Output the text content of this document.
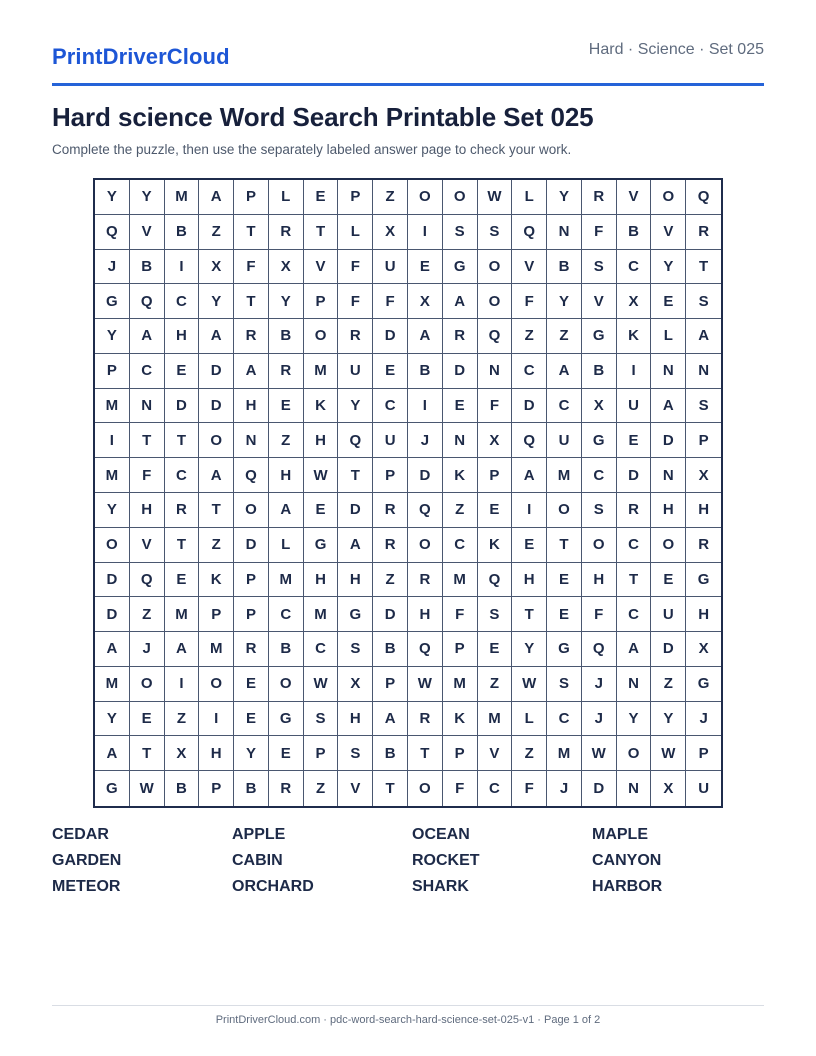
PrintDriverCloud	Hard · Science · Set 025
Hard science Word Search Printable Set 025
Complete the puzzle, then use the separately labeled answer page to check your work.
Y	Y	M	A	P	L	E	P	Z	O	O	W	L	Y	R	V	O	Q
Q	V	B	Z	T	R	T	L	X	I	S	S	Q	N	F	B	V	R
J	B	I	X	F	X	V	F	U	E	G	O	V	B	S	C	Y	T
G	Q	C	Y	T	Y	P	F	F	X	A	O	F	Y	V	X	E	S
Y	A	H	A	R	B	O	R	D	A	R	Q	Z	Z	G	K	L	A
P	C	E	D	A	R	M	U	E	B	D	N	C	A	B	I	N	N
M	N	D	D	H	E	K	Y	C	I	E	F	D	C	X	U	A	S
I	T	T	O	N	Z	H	Q	U	J	N	X	Q	U	G	E	D	P
M	F	C	A	Q	H	W	T	P	D	K	P	A	M	C	D	N	X
Y	H	R	T	O	A	E	D	R	Q	Z	E	I	O	S	R	H	H
O	V	T	Z	D	L	G	A	R	O	C	K	E	T	O	C	O	R
D	Q	E	K	P	M	H	H	Z	R	M	Q	H	E	H	T	E	G
D	Z	M	P	P	C	M	G	D	H	F	S	T	E	F	C	U	H
A	J	A	M	R	B	C	S	B	Q	P	E	Y	G	Q	A	D	X
M	O	I	O	E	O	W	X	P	W	M	Z	W	S	J	N	Z	G
Y	E	Z	I	E	G	S	H	A	R	K	M	L	C	J	Y	Y	J
A	T	X	H	Y	E	P	S	B	T	P	V	Z	M	W	O	W	P
G	W	B	P	B	R	Z	V	T	O	F	C	F	J	D	N	X	U
CEDAR	APPLE	OCEAN	MAPLE
GARDEN	CABIN	ROCKET	CANYON
METEOR	ORCHARD	SHARK	HARBOR
PrintDriverCloud.com · pdc-word-search-hard-science-set-025-v1 · Page 1 of 2
